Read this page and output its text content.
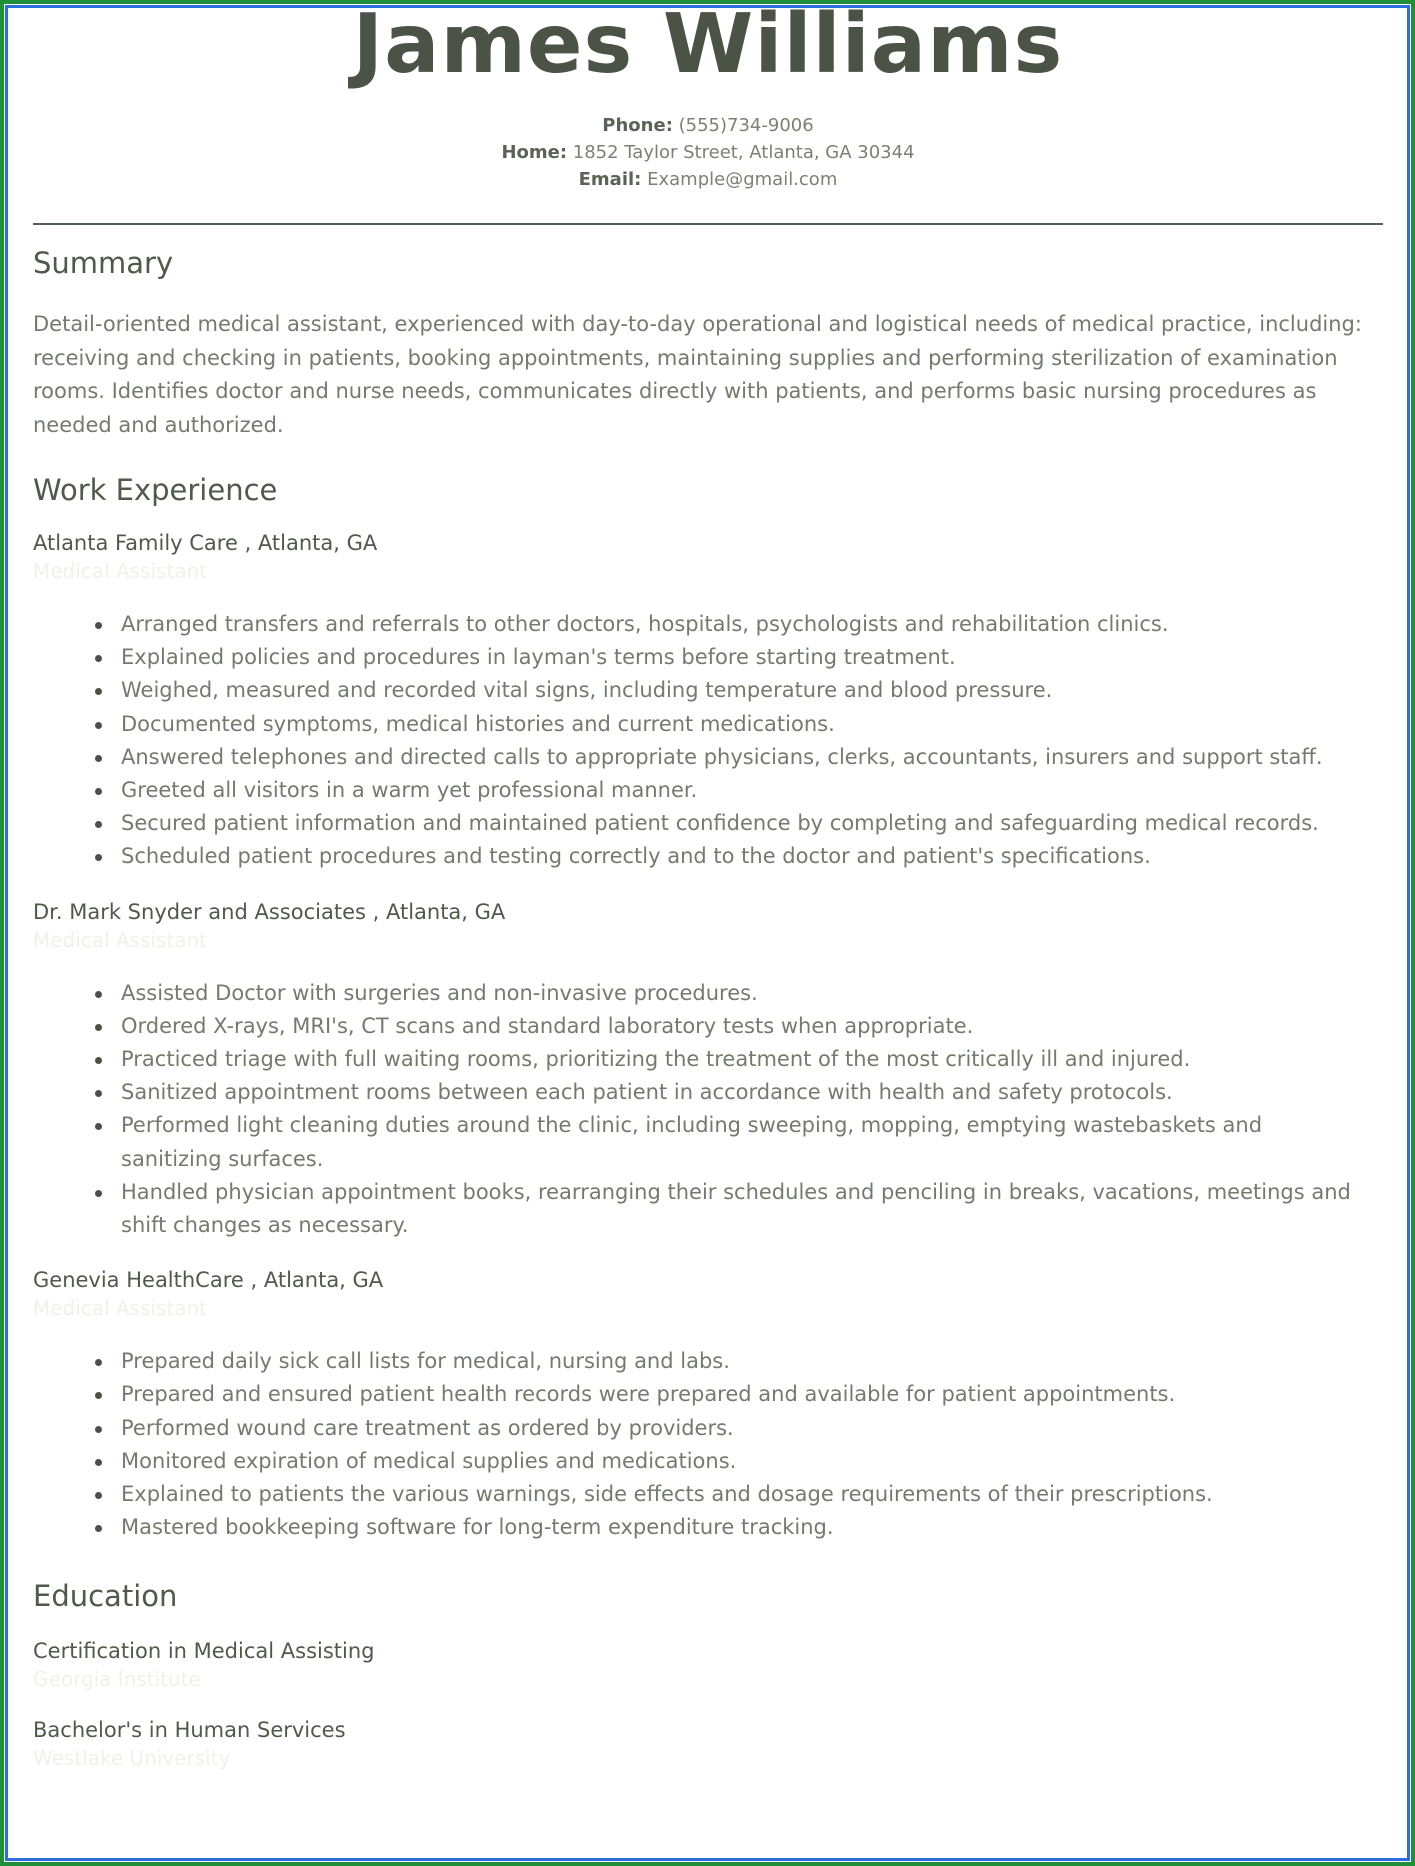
James Williams
Phone: (555)734-9006
Home: 1852 Taylor Street, Atlanta, GA 30344
Email: Example@gmail.com
Summary
Detail-oriented medical assistant, experienced with day-to-day operational and logistical needs of medical practice, including: receiving and checking in patients, booking appointments, maintaining supplies and performing sterilization of examination rooms. Identifies doctor and nurse needs, communicates directly with patients, and performs basic nursing procedures as needed and authorized.
Work Experience
Atlanta Family Care , Atlanta, GA
Medical Assistant
Arranged transfers and referrals to other doctors, hospitals, psychologists and rehabilitation clinics.
Explained policies and procedures in layman's terms before starting treatment.
Weighed, measured and recorded vital signs, including temperature and blood pressure.
Documented symptoms, medical histories and current medications.
Answered telephones and directed calls to appropriate physicians, clerks, accountants, insurers and support staff.
Greeted all visitors in a warm yet professional manner.
Secured patient information and maintained patient confidence by completing and safeguarding medical records.
Scheduled patient procedures and testing correctly and to the doctor and patient's specifications.
Dr. Mark Snyder and Associates , Atlanta, GA
Medical Assistant
Assisted Doctor with surgeries and non-invasive procedures.
Ordered X-rays, MRI's, CT scans and standard laboratory tests when appropriate.
Practiced triage with full waiting rooms, prioritizing the treatment of the most critically ill and injured.
Sanitized appointment rooms between each patient in accordance with health and safety protocols.
Performed light cleaning duties around the clinic, including sweeping, mopping, emptying wastebaskets and sanitizing surfaces.
Handled physician appointment books, rearranging their schedules and penciling in breaks, vacations, meetings and shift changes as necessary.
Genevia HealthCare , Atlanta, GA
Medical Assistant
Prepared daily sick call lists for medical, nursing and labs.
Prepared and ensured patient health records were prepared and available for patient appointments.
Performed wound care treatment as ordered by providers.
Monitored expiration of medical supplies and medications.
Explained to patients the various warnings, side effects and dosage requirements of their prescriptions.
Mastered bookkeeping software for long-term expenditure tracking.
Education
Certification in Medical Assisting
Georgia Institute
Bachelor's in Human Services
Westlake University
